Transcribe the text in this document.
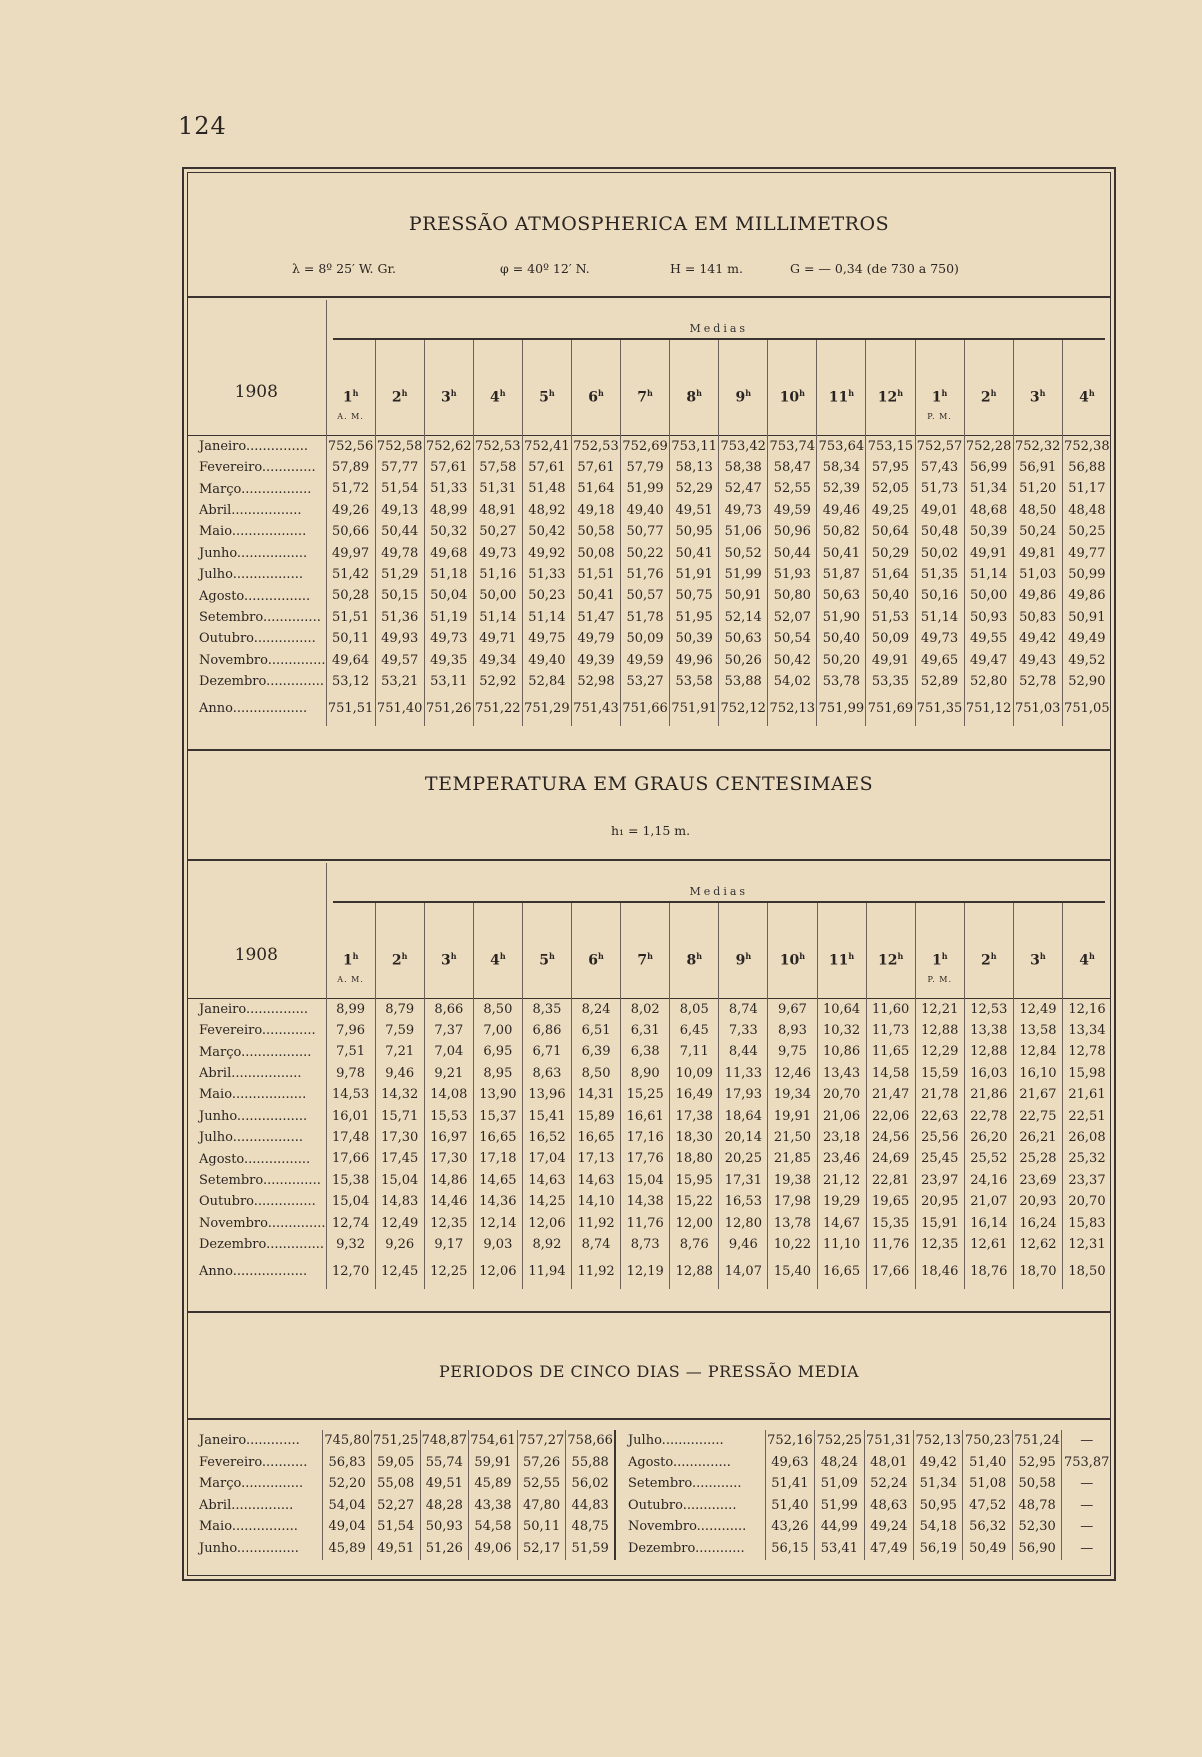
124
PRESSÃO ATMOSPHERICA EM MILLIMETROS
λ = 8º 25′ W. Gr.	φ = 40º 12′ N.	H = 141 m.	G = — 0,34 (de 730 a 750)
	Medias															

1908	1$^h$
A. M.	2$^h$	3$^h$	4$^h$	5$^h$	6$^h$	7$^h$	8$^h$	9$^h$	10$^h$	11$^h$	12$^h$	1$^h$
P. M.	2$^h$	3$^h$	4$^h$
Janeiro...............	752,56	752,58	752,62	752,53	752,41	752,53	752,69	753,11	753,42	753,74	753,64	753,15	752,57	752,28	752,32	752,38
Fevereiro.............	57,89	57,77	57,61	57,58	57,61	57,61	57,79	58,13	58,38	58,47	58,34	57,95	57,43	56,99	56,91	56,88
Março.................	51,72	51,54	51,33	51,31	51,48	51,64	51,99	52,29	52,47	52,55	52,39	52,05	51,73	51,34	51,20	51,17
Abril.................	49,26	49,13	48,99	48,91	48,92	49,18	49,40	49,51	49,73	49,59	49,46	49,25	49,01	48,68	48,50	48,48
Maio..................	50,66	50,44	50,32	50,27	50,42	50,58	50,77	50,95	51,06	50,96	50,82	50,64	50,48	50,39	50,24	50,25
Junho.................	49,97	49,78	49,68	49,73	49,92	50,08	50,22	50,41	50,52	50,44	50,41	50,29	50,02	49,91	49,81	49,77
Julho.................	51,42	51,29	51,18	51,16	51,33	51,51	51,76	51,91	51,99	51,93	51,87	51,64	51,35	51,14	51,03	50,99
Agosto................	50,28	50,15	50,04	50,00	50,23	50,41	50,57	50,75	50,91	50,80	50,63	50,40	50,16	50,00	49,86	49,86
Setembro..............	51,51	51,36	51,19	51,14	51,14	51,47	51,78	51,95	52,14	52,07	51,90	51,53	51,14	50,93	50,83	50,91
Outubro...............	50,11	49,93	49,73	49,71	49,75	49,79	50,09	50,39	50,63	50,54	50,40	50,09	49,73	49,55	49,42	49,49
Novembro..............	49,64	49,57	49,35	49,34	49,40	49,39	49,59	49,96	50,26	50,42	50,20	49,91	49,65	49,47	49,43	49,52
Dezembro..............	53,12	53,21	53,11	52,92	52,84	52,98	53,27	53,58	53,88	54,02	53,78	53,35	52,89	52,80	52,78	52,90
Anno..................	751,51	751,40	751,26	751,22	751,29	751,43	751,66	751,91	752,12	752,13	751,99	751,69	751,35	751,12	751,03	751,05
TEMPERATURA EM GRAUS CENTESIMAES
h₁ = 1,15 m.
	Medias															

1908	1$^h$
A. M.	2$^h$	3$^h$	4$^h$	5$^h$	6$^h$	7$^h$	8$^h$	9$^h$	10$^h$	11$^h$	12$^h$	1$^h$
P. M.	2$^h$	3$^h$	4$^h$
Janeiro...............	8,99	8,79	8,66	8,50	8,35	8,24	8,02	8,05	8,74	9,67	10,64	11,60	12,21	12,53	12,49	12,16
Fevereiro.............	7,96	7,59	7,37	7,00	6,86	6,51	6,31	6,45	7,33	8,93	10,32	11,73	12,88	13,38	13,58	13,34
Março.................	7,51	7,21	7,04	6,95	6,71	6,39	6,38	7,11	8,44	9,75	10,86	11,65	12,29	12,88	12,84	12,78
Abril.................	9,78	9,46	9,21	8,95	8,63	8,50	8,90	10,09	11,33	12,46	13,43	14,58	15,59	16,03	16,10	15,98
Maio..................	14,53	14,32	14,08	13,90	13,96	14,31	15,25	16,49	17,93	19,34	20,70	21,47	21,78	21,86	21,67	21,61
Junho.................	16,01	15,71	15,53	15,37	15,41	15,89	16,61	17,38	18,64	19,91	21,06	22,06	22,63	22,78	22,75	22,51
Julho.................	17,48	17,30	16,97	16,65	16,52	16,65	17,16	18,30	20,14	21,50	23,18	24,56	25,56	26,20	26,21	26,08
Agosto................	17,66	17,45	17,30	17,18	17,04	17,13	17,76	18,80	20,25	21,85	23,46	24,69	25,45	25,52	25,28	25,32
Setembro..............	15,38	15,04	14,86	14,65	14,63	14,63	15,04	15,95	17,31	19,38	21,12	22,81	23,97	24,16	23,69	23,37
Outubro...............	15,04	14,83	14,46	14,36	14,25	14,10	14,38	15,22	16,53	17,98	19,29	19,65	20,95	21,07	20,93	20,70
Novembro..............	12,74	12,49	12,35	12,14	12,06	11,92	11,76	12,00	12,80	13,78	14,67	15,35	15,91	16,14	16,24	15,83
Dezembro..............	9,32	9,26	9,17	9,03	8,92	8,74	8,73	8,76	9,46	10,22	11,10	11,76	12,35	12,61	12,62	12,31
Anno..................	12,70	12,45	12,25	12,06	11,94	11,92	12,19	12,88	14,07	15,40	16,65	17,66	18,46	18,76	18,70	18,50
PERIODOS DE CINCO DIAS — PRESSÃO MEDIA
Janeiro.............	745,80	751,25	748,87	754,61	757,27	758,66	Julho...............	752,16	752,25	751,31	752,13	750,23	751,24	—
Fevereiro...........	56,83	59,05	55,74	59,91	57,26	55,88	Agosto..............	49,63	48,24	48,01	49,42	51,40	52,95	753,87
Março...............	52,20	55,08	49,51	45,89	52,55	56,02	Setembro............	51,41	51,09	52,24	51,34	51,08	50,58	—
Abril...............	54,04	52,27	48,28	43,38	47,80	44,83	Outubro.............	51,40	51,99	48,63	50,95	47,52	48,78	—
Maio................	49,04	51,54	50,93	54,58	50,11	48,75	Novembro............	43,26	44,99	49,24	54,18	56,32	52,30	—
Junho...............	45,89	49,51	51,26	49,06	52,17	51,59	Dezembro............	56,15	53,41	47,49	56,19	50,49	56,90	—
